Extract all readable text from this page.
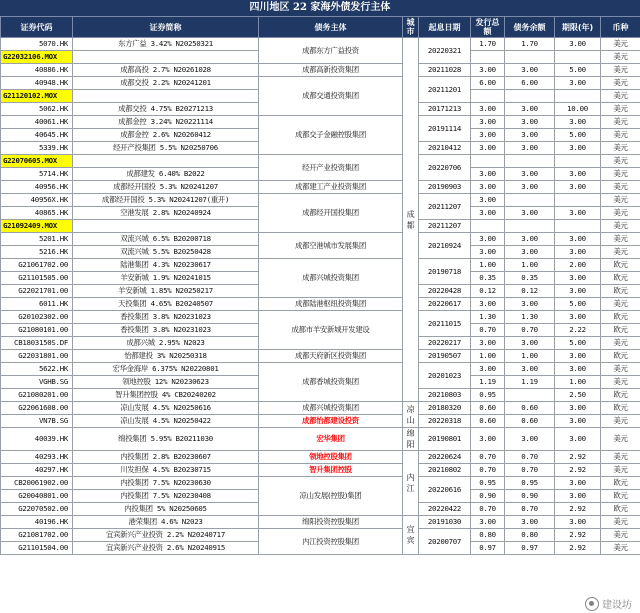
四川地区 22 家海外债发行主体
证券代码	证券简称	债务主体	城市	起息日期	发行总额	债务余额	期限(年)	币种
5070.HK	东方广益 3.42% N20250321	成都东方广益投资	成都	20220321	1.70	1.70	3.00	美元
G22032106.MOX								美元
40886.HK	成都高投 2.7% N20261028	成都高新投资集团		20211028	3.00	3.00	5.00	美元
40948.HK	成都交投 2.2% N20241201	成都交通投资集团		20211201	6.00	6.00	3.00	美元
G21120102.MOX								美元
5062.HK	成都交投 4.75% B20271213			20171213	3.00	3.00	10.00	美元
40061.HK	成都金控 3.24% N20221114	成都交子金融控股集团		20191114	3.00	3.00	3.00	美元
40645.HK	成都金控 2.6% N20260412				3.00	3.00	5.00	美元
5339.HK	经开产投集团 5.5% N20250706			20210412	3.00	3.00	3.00	美元
G22070605.MOX		经开产业投资集团		20220706				美元
5714.HK	成都建发 6.40% B2022				3.00	3.00	3.00	美元
40956.HK	成都经开国投 5.3% N20241207	成都建工产业投资集团		20190903	3.00	3.00	3.00	美元
40956X.HK	成都经开国投 5.3% N20241207(重开)	成都经开国投集团		20211207	3.00			美元
40865.HK	空港发展 2.8% N20240924				3.00	3.00	3.00	美元
G21092409.MOX				20211207				美元
5201.HK	双流兴城 6.5% B20200718	成都空港城市发展集团		20210924	3.00	3.00	3.00	美元
5216.HK	双流兴城 5.5% B20250428				3.00	3.00	3.00	美元
G21061702.00	陆港集团 4.3% N20230617	成都兴城投资集团		20190718	1.00	1.00	2.00	欧元
G21101505.00	羊安新城 1.9% N20241015				0.35	0.35	3.00	欧元
G22021701.00	羊安新城 1.85% N20250217			20220428	0.12	0.12	3.00	欧元
6011.HK	天投集团 4.65% B20240507	成都陆港枢纽投资集团		20220617	3.00	3.00	5.00	美元
G20102302.00	香投集团 3.8% N20231023	成都市羊安新城开发建设		20211015	1.30	1.30	3.00	欧元
G21080101.00	香投集团 3.8% N20231023				0.70	0.70	2.22	欧元
CB1803150S.DF	成都兴城 2.95% N2023			20220217	3.00	3.00	5.00	美元
G22031801.00	怡都建投 3% N20250318	成都天府新区投资集团		20190507	1.00	1.00	3.00	欧元
5622.HK	宏华金海岸 6.375% N20220801	成都香城投资集团		20201023	3.00	3.00	3.00	美元
VGHB.SG	领地控股 12% N20230623				1.19	1.19	1.00	美元
G21080201.00	智升集团控股 4% CB20240202			20210803	0.95		2.50	欧元
G22061608.00	凉山发展 4.5% N20250616	成都兴城投资集团	凉山	20180320	0.60	0.60	3.00	欧元
VN7B.SG	凉山发展 4.5% N20250422	成都怡都建设投资		20220318	0.60	0.60	3.00	美元
40039.HK	绵投集团 5.95% B20211030	宏华集团	绵阳	20190801	3.00	3.00	3.00	美元
40293.HK	内投集团 2.8% B20230607	领地控股集团	内江	20220624	0.70	0.70	2.92	美元
40297.HK	川发担保 4.5% B20230715	智升集团控股		20210802	0.70	0.70	2.92	美元
CB20061902.00	内投集团 7.5% N20230630	凉山发展(控股)集团		20220616	0.95	0.95	3.00	欧元
G20040801.00	内投集团 7.5% N20230408				0.90	0.90	3.00	欧元
G22070502.00	内投集团 5% N20250605			20220422	0.70	0.70	2.92	欧元
40196.HK	港荣集团 4.6% N2023	绵阳投资控股集团	宜宾	20191030	3.00	3.00	3.00	美元
G21081702.00	宜宾新兴产业投资 2.2% N20240717	内江投资控股集团		20200707	0.80	0.80	2.92	美元
G21101504.00	宜宾新兴产业投资 2.6% N20240915				0.97	0.97	2.92	美元
建设坊
